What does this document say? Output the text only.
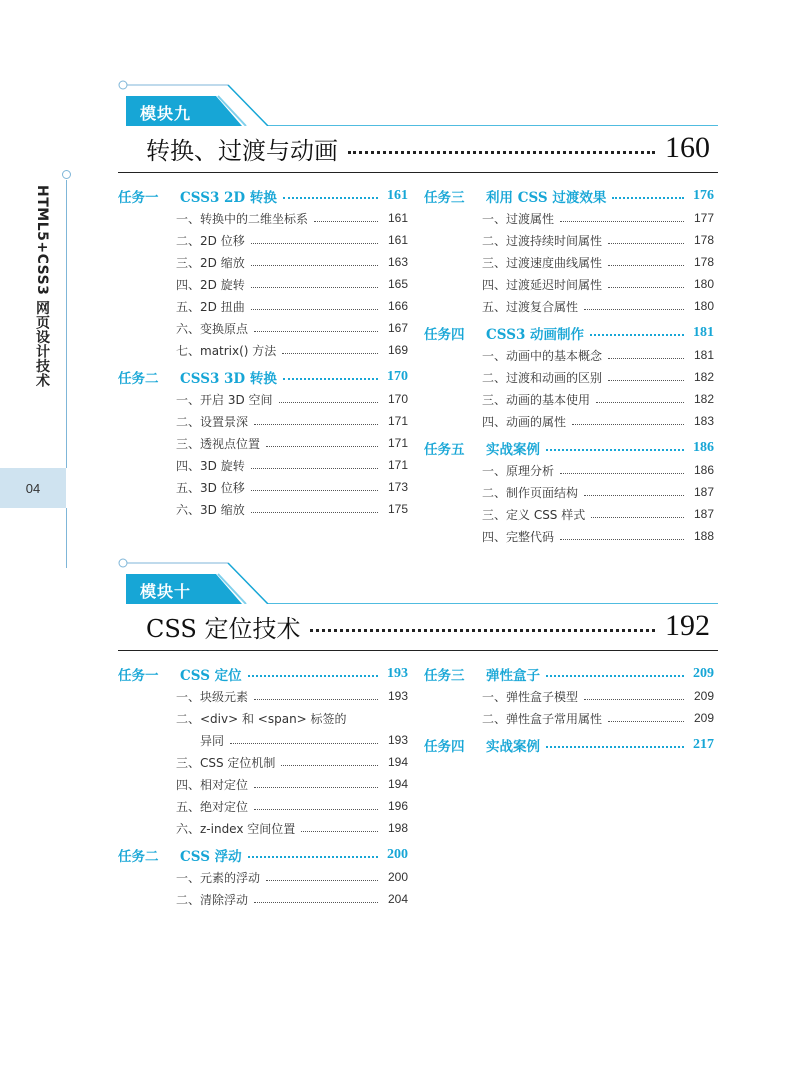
HTML5+CSS3 网页设计技术
04
模块九
转换、过渡与动画	160
任务一	CSS3 2D 转换	161
一、转换中的二维坐标系	161
二、2D 位移	161
三、2D 缩放	163
四、2D 旋转	165
五、2D 扭曲	166
六、变换原点	167
七、matrix() 方法	169
任务二	CSS3 3D 转换	170
一、开启 3D 空间	170
二、设置景深	171
三、透视点位置	171
四、3D 旋转	171
五、3D 位移	173
六、3D 缩放	175
任务三	利用 CSS 过渡效果	176
一、过渡属性	177
二、过渡持续时间属性	178
三、过渡速度曲线属性	178
四、过渡延迟时间属性	180
五、过渡复合属性	180
任务四	CSS3 动画制作	181
一、动画中的基本概念	181
二、过渡和动画的区别	182
三、动画的基本使用	182
四、动画的属性	183
任务五	实战案例	186
一、原理分析	186
二、制作页面结构	187
三、定义 CSS 样式	187
四、完整代码	188
模块十
CSS 定位技术	192
任务一	CSS 定位	193
一、块级元素	193
二、<div> 和 <span> 标签的
异同	193
三、CSS 定位机制	194
四、相对定位	194
五、绝对定位	196
六、z-index 空间位置	198
任务二	CSS 浮动	200
一、元素的浮动	200
二、清除浮动	204
任务三	弹性盒子	209
一、弹性盒子模型	209
二、弹性盒子常用属性	209
任务四	实战案例	217
